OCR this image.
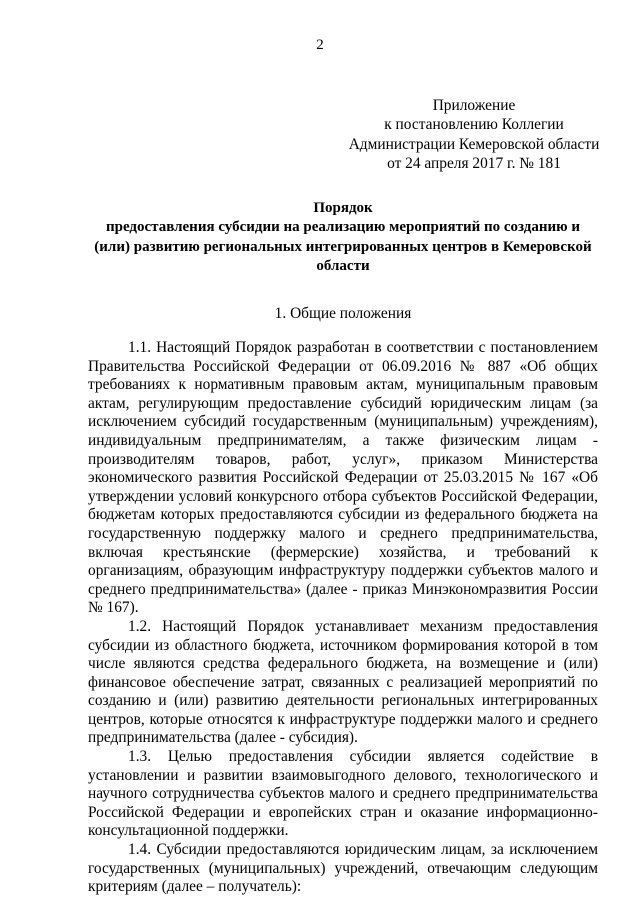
2
Приложение
к постановлению Коллегии
Администрации Кемеровской области
от 24 апреля 2017 г. № 181
Порядок
предоставления субсидии на реализацию мероприятий по созданию и (или) развитию региональных интегрированных центров в Кемеровской области
1. Общие положения

1.1. Настоящий Порядок разработан в соответствии с постановлением Правительства Российской Федерации от 06.09.2016 № 887 «Об общих требованиях к нормативным правовым актам, муниципальным правовым актам, регулирующим предоставление субсидий юридическим лицам (за исключением субсидий государственным (муниципальным) учреждениям), индивидуальным предпринимателям, а также физическим лицам - производителям товаров, работ, услуг», приказом Министерства экономического развития Российской Федерации от 25.03.2015 № 167 «Об утверждении условий конкурсного отбора субъектов Российской Федерации, бюджетам которых предоставляются субсидии из федерального бюджета на государственную поддержку малого и среднего предпринимательства, включая крестьянские (фермерские) хозяйства, и требований к организациям, образующим инфраструктуру поддержки субъектов малого и среднего предпринимательства» (далее - приказ Минэкономразвития России № 167).

1.2. Настоящий Порядок устанавливает механизм предоставления субсидии из областного бюджета, источником формирования которой в том числе являются средства федерального бюджета, на возмещение и (или) финансовое обеспечение затрат, связанных с реализацией мероприятий по созданию и (или) развитию деятельности региональных интегрированных центров, которые относятся к инфраструктуре поддержки малого и среднего предпринимательства (далее - субсидия).

1.3. Целью предоставления субсидии является содействие в установлении и развитии взаимовыгодного делового, технологического и научного сотрудничества субъектов малого и среднего предпринимательства Российской Федерации и европейских стран и оказание информационно-консультационной поддержки.

1.4. Субсидии предоставляются юридическим лицам, за исключением государственных (муниципальных) учреждений, отвечающим следующим критериям (далее – получатель):
